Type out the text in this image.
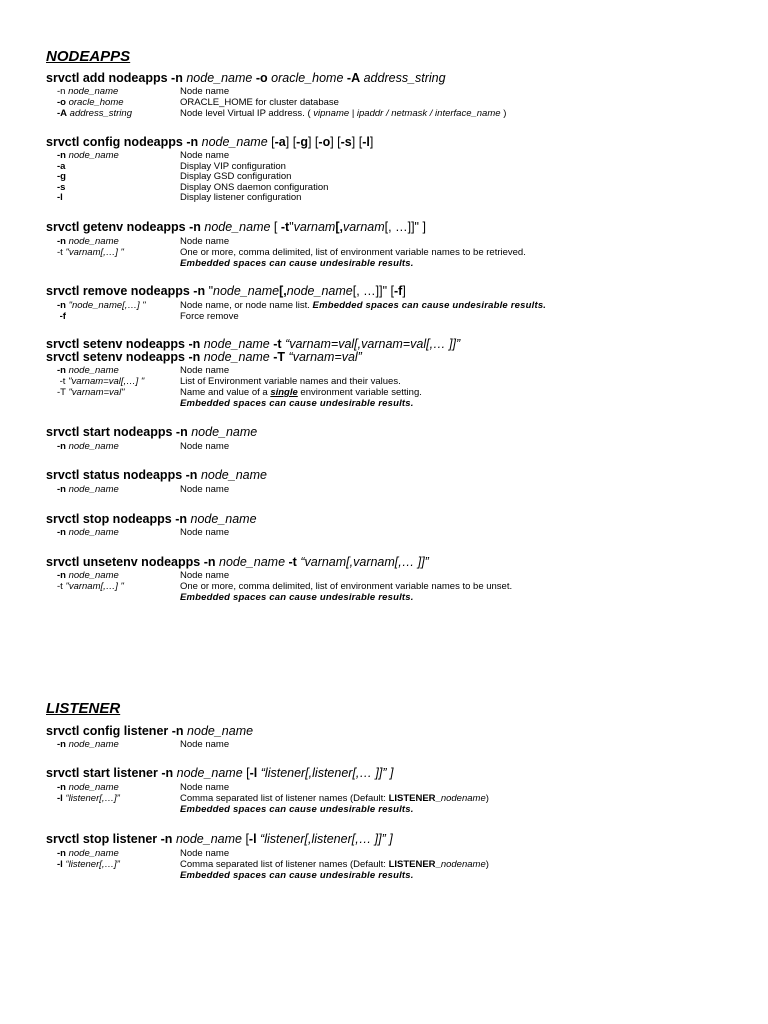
NODEAPPS
srvctl add nodeapps -n node_name -o oracle_home -A address_string
-n node_name	Node name
-o oracle_home	ORACLE_HOME for cluster database
-A address_string	Node level Virtual IP address. ( vipname | ipaddr / netmask / interface_name )
srvctl config nodeapps -n node_name [-a] [-g] [-o] [-s] [-l]
-n node_name	Node name
-a	Display VIP configuration
-g	Display GSD configuration
-s	Display ONS daemon configuration
-l	Display listener configuration
srvctl getenv nodeapps -n node_name [ -t"varnam[,varnam[, …]]" ]
-n node_name	Node name
-t "varnam[,…] "	One or more, comma delimited, list of environment variable names to be retrieved.
Embedded spaces can cause undesirable results.
srvctl remove nodeapps -n "node_name[,node_name[, …]]" [-f]
-n "node_name[,…] "	Node name, or node name list. Embedded spaces can cause undesirable results.
-f	Force remove
srvctl setenv nodeapps -n node_name -t “varnam=val[,varnam=val[,… ]]”
srvctl setenv nodeapps -n node_name -T “varnam=val”
-n node_name	Node name
-t "varnam=val[,…] "	List of Environment variable names and their values.
-T "varnam=val"	Name and value of a single environment variable setting.
Embedded spaces can cause undesirable results.
srvctl start nodeapps -n node_name
-n node_name	Node name
srvctl status nodeapps -n node_name
-n node_name	Node name
srvctl stop nodeapps -n node_name
-n node_name	Node name
srvctl unsetenv nodeapps -n node_name -t “varnam[,varnam[,… ]]”
-n node_name	Node name
-t "varnam[,…] "	One or more, comma delimited, list of environment variable names to be unset.
Embedded spaces can cause undesirable results.
LISTENER
srvctl config listener -n node_name
-n node_name	Node name
srvctl start listener -n node_name [-l “listener[,listener[,… ]]” ]
-n node_name	Node name
-l “listener[,…]”	Comma separated list of listener names (Default: LISTENER_nodename)
Embedded spaces can cause undesirable results.
srvctl stop listener -n node_name [-l “listener[,listener[,… ]]” ]
-n node_name	Node name
-l “listener[,…]”	Comma separated list of listener names (Default: LISTENER_nodename)
Embedded spaces can cause undesirable results.
